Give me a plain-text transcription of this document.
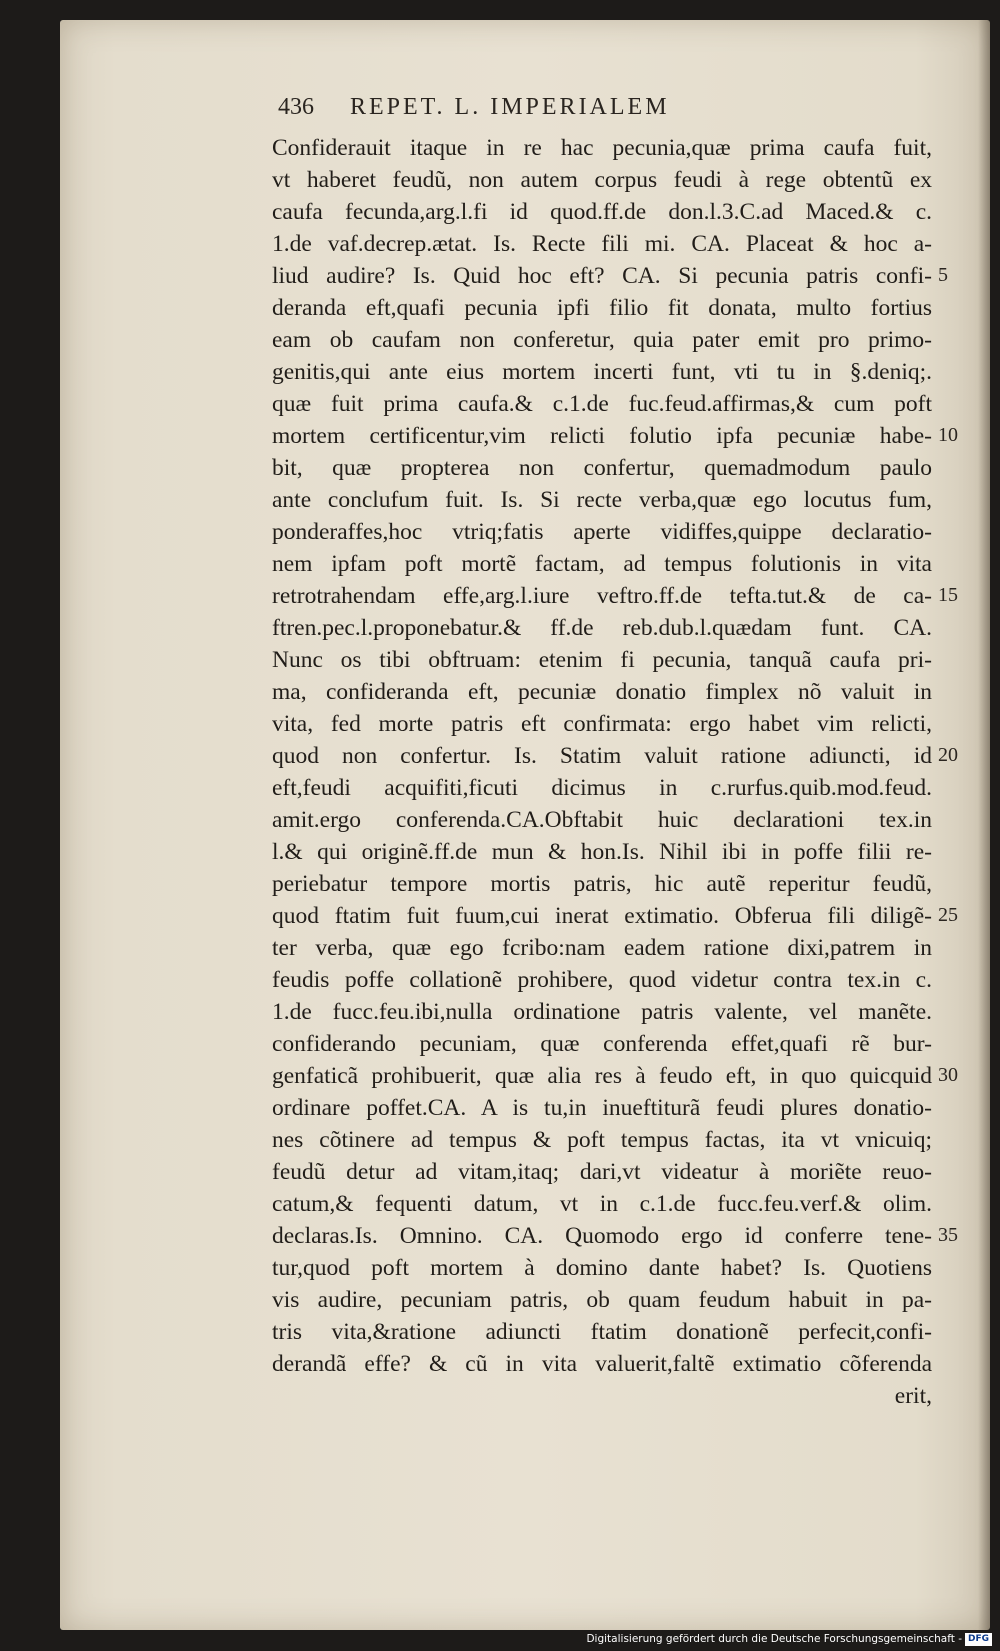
436 REPET. L. IMPERIALEM
Confiderauit itaque in re hac pecunia,quæ prima caufa fuit,
vt haberet feudũ, non autem corpus feudi à rege obtentũ ex
caufa fecunda,arg.l.fi id quod.ff.de don.l.3.C.ad Maced.& c.
1.de vaf.decrep.ætat. Is. Recte fili mi. CA. Placeat & hoc a-
liud audire? Is. Quid hoc eft? CA. Si pecunia patris confi-
deranda eft,quafi pecunia ipfi filio fit donata, multo fortius
eam ob caufam non conferetur, quia pater emit pro primo-
genitis,qui ante eius mortem incerti funt, vti tu in §.deniq;.
quæ fuit prima caufa.& c.1.de fuc.feud.affirmas,& cum poft
mortem certificentur,vim relicti folutio ipfa pecuniæ habe-
bit, quæ propterea non confertur, quemadmodum paulo
ante conclufum fuit. Is. Si recte verba,quæ ego locutus fum,
ponderaffes,hoc vtriq;fatis aperte vidiffes,quippe declaratio-
nem ipfam poft mortẽ factam, ad tempus folutionis in vita
retrotrahendam effe,arg.l.iure veftro.ff.de tefta.tut.& de ca-
ftren.pec.l.proponebatur.& ff.de reb.dub.l.quædam funt. CA.
Nunc os tibi obftruam: etenim fi pecunia, tanquã caufa pri-
ma, confideranda eft, pecuniæ donatio fimplex nõ valuit in
vita, fed morte patris eft confirmata: ergo habet vim relicti,
quod non confertur. Is. Statim valuit ratione adiuncti, id
eft,feudi acquifiti,ficuti dicimus in c.rurfus.quib.mod.feud.
amit.ergo conferenda.CA.Obftabit huic declarationi tex.in
l.& qui originẽ.ff.de mun & hon.Is. Nihil ibi in poffe filii re-
periebatur tempore mortis patris, hic autẽ reperitur feudũ,
quod ftatim fuit fuum,cui inerat extimatio. Obferua fili diligẽ-
ter verba, quæ ego fcribo:nam eadem ratione dixi,patrem in
feudis poffe collationẽ prohibere, quod videtur contra tex.in c.
1.de fucc.feu.ibi,nulla ordinatione patris valente, vel manẽte.
confiderando pecuniam, quæ conferenda effet,quafi rẽ bur-
genfaticã prohibuerit, quæ alia res à feudo eft, in quo quicquid
ordinare poffet.CA. A is tu,in inueftiturã feudi plures donatio-
nes cõtinere ad tempus & poft tempus factas, ita vt vnicuiq;
feudũ detur ad vitam,itaq; dari,vt videatur à moriẽte reuo-
catum,& fequenti datum, vt in c.1.de fucc.feu.verf.& olim.
declaras.Is. Omnino. CA. Quomodo ergo id conferre tene-
tur,quod poft mortem à domino dante habet? Is. Quotiens
vis audire, pecuniam patris, ob quam feudum habuit in pa-
tris vita,&ratione adiuncti ftatim donationẽ perfecit,confi-
derandã effe? & cũ in vita valuerit,faltẽ extimatio cõferenda
erit,
5
10
15
20
25
30
35
Digitalisierung gefördert durch die Deutsche Forschungsgemeinschaft - DFG
